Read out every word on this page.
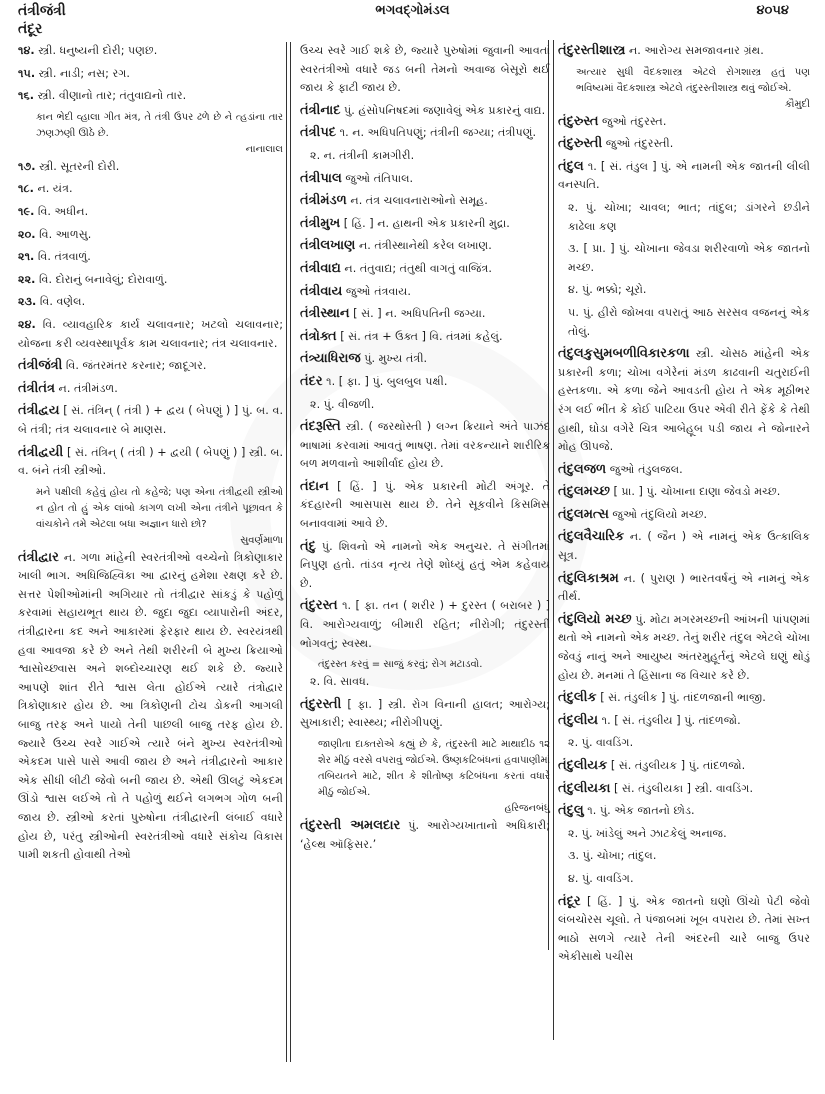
તંત્રીજંત્રી	ભગવદ્ગોમંડલ	૪૦૫૪
તંદૂર
૧૪. સ્ત્રી. ધનુષ્યની દોરી; પણછ.
૧૫. સ્ત્રી. નાડી; નસ; રગ.
૧૬. સ્ત્રી. વીણાનો તાર; તંતુવાદ્યનો તાર.
કાન ભેદી વ્હાલા ગીત મંત્ર, તે તંત્રી ઉપર ઢળે છે ને ત્હડાંના તાર ઝણઝણી ઊઠે છે.
નાનાલાલ
૧૭. સ્ત્રી. સૂતરની દોરી.
૧૮. ન. યંત્ર.
૧૯. વિ. અધીન.
૨૦. વિ. આળસુ.
૨૧. વિ. તંત્રવાળું.
૨૨. વિ. દોરાનું બનાવેલું; દોરાવાળું.
૨૩. વિ. વણેલ.
૨૪. વિ. વ્યાવહારિક કાર્ય ચલાવનાર; ખટલો ચલાવનાર; યોજના કરી વ્યવસ્થાપૂર્વક કામ ચલાવનાર; તંત્ર ચલાવનાર.
તંત્રીજંત્રી વિ. જંતરમંતર કરનાર; જાદૂગર.
તંત્રીતંત્ર ન. તંત્રીમંડળ.
તંત્રીદ્વય [ સં. તંત્રિન્ ( તંત્રી ) + દ્વય ( બેપણું ) ] પું. બ. વ. બે તંત્રી; તંત્ર ચલાવનાર બે માણસ.
તંત્રીદ્વયી [ સં. તંત્રિન્ ( તંત્રી ) + દ્વયી ( બેપણું ) ] સ્ત્રી. બ. વ. બંને તંત્રી સ્ત્રીઓ.
મને પક્ષીલી કહેવું હોય તો કહેજે; પણ એના તંત્રીદ્વયી સ્ત્રીઓ ન હોત તો હું એક લાંબો કાગળ લખી એના તંત્રીને પૂછાવત કે વાંચકોને તમે એટલા બધા અજ્ઞાન ધારો છો?
સુવર્ણમાળા
તંત્રીદ્વાર ન. ગળા માંહેની સ્વરતંત્રીઓ વચ્ચેનો ત્રિકોણાકાર ખાલી ભાગ. અધિજિહ્વિકા આ દ્વારનું હમેશા રક્ષણ કરે છે. સત્તર પેશીઓમાંની અગિયાર તો તંત્રીદ્વાર સાંકડું કે પહોળું કરવામાં સહાયભૂત થાય છે. જુદા જુદા વ્યાપારોની અંદર, તંત્રીદ્વારના કદ અને આકારમાં ફેરફાર થાય છે. સ્વરયંત્રથી હવા આવજા કરે છે અને તેથી શરીરની બે મુખ્ય ક્રિયાઓ શ્વાસોચ્છ્વાસ અને શબ્દોચ્ચારણ થઈ શકે છે. જ્યારે આપણે શાંત રીતે શ્વાસ લેતા હોઈએ ત્યારે તંત્રોદ્વાર ત્રિકોણાકાર હોય છે. આ ત્રિકોણની ટોચ ડોકની આગલી બાજુ તરફ અને પાયો તેની પાછલી બાજુ તરફ હોય છે. જ્યારે ઉચ્ચ સ્વરે ગાઈએ ત્યારે બંને મુખ્ય સ્વરતંત્રીઓ એકદમ પાસે પાસે આવી જાય છે અને તંત્રીદ્વારનો આકાર એક સીધી લીટી જેવો બની જાય છે. એથી ઊલટું એકદમ ઊંડો શ્વાસ લઈએ તો તે પહોળું થઈને લગભગ ગોળ બની જાય છે. સ્ત્રીઓ કરતાં પુરુષોના તંત્રીદ્વારની લંબાઈ વધારે હોય છે, પરંતુ સ્ત્રીઓની સ્વરતંત્રીઓ વધારે સંકોચ વિકાસ પામી શકતી હોવાથી તેઓ
ઉચ્ચ સ્વરે ગાઈ શકે છે, જ્યારે પુરુષોમાં જુવાની આવતાં સ્વરતંત્રીઓ વધારે જડ બની તેમનો અવાજ બેસૂરો થઈ જાય કે ફાટી જાય છે.
તંત્રીનાદ પું. હંસોપનિષદમાં જણાવેલું એક પ્રકારનું વાદ્ય.
તંત્રીપદ ૧. ન. અધિપતિપણું; તંત્રીની જગ્યા; તંત્રીપણું.
૨. ન. તંત્રીની કામગીરી.
તંત્રીપાલ જુઓ તંતિપાલ.
તંત્રીમંડળ ન. તંત્ર ચલાવનારાઓનો સમૂહ.
તંત્રીમુખ [ હિં. ] ન. હાથની એક પ્રકારની મુદ્રા.
તંત્રીલખાણ ન. તંત્રીસ્થાનેથી કરેલ લખાણ.
તંત્રીવાદ્ય ન. તંતુવાદ્ય; તંતુથી વાગતું વાજિંત્ર.
તંત્રીવાય જુઓ તંત્રવાય.
તંત્રીસ્થાન [ સં. ] ન. અધિપતિની જગ્યા.
તંત્રોક્ત [ સં. તંત્ર + ઉક્ત ] વિ. તંત્રમાં કહેલું.
તંત્ર્યાધિરાજ પું. મુખ્ય તંત્રી.
તંદર ૧. [ ફા. ] પું. બુલબુલ પક્ષી.
૨. પું. વીજળી.
તંદરૂસ્તિ સ્ત્રી. ( જરથોસ્તી ) લગ્ન ક્રિયાને અંતે પાઝંદ ભાષામાં કરવામાં આવતું ભાષણ. તેમાં વરકન્યાને શારીરિક બળ મળવાનો આશીર્વાદ હોય છે.
તંદાન [ હિં. ] પું. એક પ્રકારની મોટી અંગૂર. તે કંદહારની આસપાસ થાય છે. તેને સૂકવીને કિસમિસ બનાવવામાં આવે છે.
તંદુ પું. શિવનો એ નામનો એક અનુચર. તે સંગીતમાં નિપુણ હતો. તાંડવ નૃત્ય તેણે શોધ્યું હતું એમ કહેવાય છે.
તંદુરસ્ત ૧. [ ફા. તન ( શરીર ) + દુરસ્ત ( બરાબર ) ] વિ. આરોગ્યવાળું; બીમારી રહિત; નીરોગી; તંદુરસ્તી ભોગવતું; સ્વસ્થ.
તંદુરસ્ત કરવું = સાજું કરવું; રોગ મટાડવો.
૨. વિ. સાવધ.
તંદુરસ્તી [ ફા. ] સ્ત્રી. રોગ વિનાની હાલત; આરોગ્ય; સુખાકારી; સ્વાસ્થ્ય; નીરોગીપણું.
જાણીતા દાક્તરોએ કહ્યું છે કે, તંદુરસ્તી માટે માથાદીઠ ૧૨ શેર મીઠું વરસે વપરાવું જોઈએ. ઉષ્ણકટિબંધનાં હવાપાણીમાં તબિયતને માટે, શીત કે શીતોષ્ણ કટિબંધના કરતાં વધારે મીઠું જોઈએ.
હરિજનબંધુ
તંદુરસ્તી અમલદાર પું. આરોગ્યખાતાનો અધિકારી; ‘હેલ્થ ઑફિસર.’
તંદુરસ્તીશાસ્ત્ર ન. આરોગ્ય સમજાવનાર ગ્રંથ.
અત્યાર સુધી વૈદકશાસ્ત્ર એટલે રોગશાસ્ત્ર હતું પણ ભવિષ્યમાં વૈદકશાસ્ત્ર એટલે તંદુરસ્તીશાસ્ત્ર થવું જોઈએ.
કૌમુદી
તંદુરુસ્ત જુઓ તંદુરસ્ત.
તંદુરુસ્તી જુઓ તંદુરસ્તી.
તંદુલ ૧. [ સં. તંડુલ ] પું. એ નામની એક જાતની લીલી વનસ્પતિ.
૨. પું. ચોખા; ચાવલ; ભાત; તાંદુલ; ડાંગરને છડીને કાઢેલા કણ
૩. [ પ્રા. ] પું. ચોખાના જેવડા શરીરવાળો એક જાતનો મચ્છ.
૪. પું. ભક્કો; ચૂરો.
૫. પું. હીરો જોખવા વપરાતું આઠ સરસવ વજનનું એક તોલું.
તંદુલકુસુમબળીવિકારકળા સ્ત્રી. ચોસઠ માંહેની એક પ્રકારની કળા; ચોખા વગેરેનાં મંડળ કાઢવાની ચતુરાઈની હસ્તકળા. એ કળા જેને આવડતી હોય તે એક મૂઠીભર રંગ લઈ ભીંત કે કોઈ પાટિયા ઉપર એવી રીતે ફેંકે કે તેથી હાથી, ઘોડા વગેરે ચિત્ર આબેહૂબ પડી જાય ને જોનારને મોહ ઊપજે.
તંદુલજળ જુઓ તંડુલજલ.
તંદુલમચ્છ [ પ્રા. ] પું. ચોખાના દાણા જેવડો મચ્છ.
તંદુલમત્સ જુઓ તંદુલિયો મચ્છ.
તંદુલવૈચારિક ન. ( જૈન ) એ નામનું એક ઉત્કાલિક સૂત્ર.
તંદુલિકાશ્રમ ન. ( પુરાણ ) ભારતવર્ષનું એ નામનું એક તીર્થ.
તંદુલિયો મચ્છ પું. મોટા મગરમચ્છની આંખની પાંપણમાં થતો એ નામનો એક મચ્છ. તેનું શરીર તંદુલ એટલે ચોખા જેવડું નાનું અને આયુષ્ય અંતરમુહૂર્તનું એટલે ઘણું થોડું હોય છે. મનમાં તે હિંસાના જ વિચાર કરે છે.
તંદુલીક [ સં. તંડુલીક ] પું. તાંદળજાની ભાજી.
તંદુલીય ૧. [ સં. તંડુલીય ] પું. તાંદળજો.
૨. પું. વાવડિંગ.
તંદુલીયક [ સં. તંડુલીયક ] પું. તાંદળજો.
તંદુલીયકા [ સં. તંડુલીયકા ] સ્ત્રી. વાવડિંગ.
તંદુલુ ૧. પું. એક જાતનો છોડ.
૨. પું. ખાંડેલું અને ઝાટકેલું અનાજ.
૩. પું. ચોખા; તાંદુલ.
૪. પું. વાવડિંગ.
તંદૂર [ હિં. ] પું. એક જાતનો ઘણો ઊંચો પેટી જેવો લંબચોરસ ચૂલો. તે પંજાબમાં ખૂબ વપરાય છે. તેમાં સખ્ત ભાઠો સળગે ત્યારે તેની અંદરની ચારે બાજુ ઉપર એકીસાથે પચીસ
